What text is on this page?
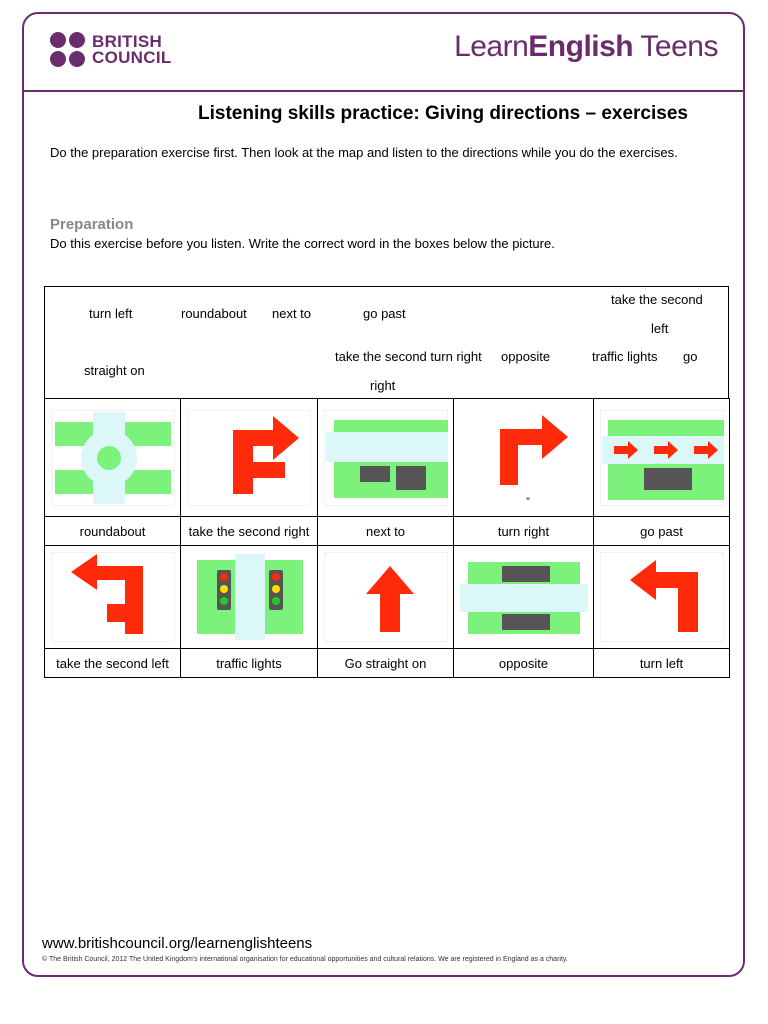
BRITISH
COUNCIL	LearnEnglish Teens
Listening skills practice: Giving directions – exercises
Do the preparation exercise first. Then look at the map and listen to the directions while you do the exercises.
Preparation
Do this exercise before you listen. Write the correct word in the boxes below the picture.
turn left	roundabout next to	go past
take the second
left
take the second turn right
right
opposite	traffic lights go
straight on

”

roundabout	take the second right	next to	turn right	go past

take the second left	traffic lights	Go straight on	opposite	turn left
www.britishcouncil.org/learnenglishteens
© The British Council, 2012 The United Kingdom's international organisation for educational opportunities and cultural relations. We are registered in England as a charity.
